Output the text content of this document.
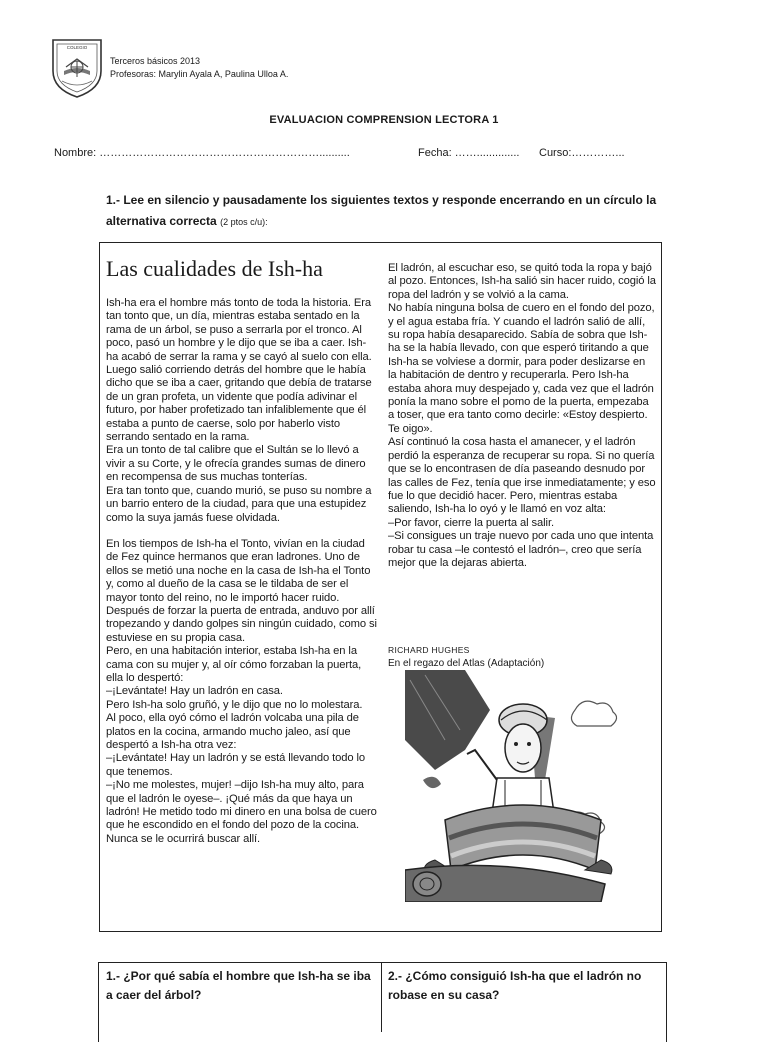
COLEGIO
Terceros básicos 2013
Profesoras: Marylin Ayala A, Paulina Ulloa A.
EVALUACION COMPRENSION LECTORA 1
Nombre: ……………………………………………………..........	Fecha: …….............. Curso:…………...
1.- Lee en silencio y pausadamente los siguientes textos y responde encerrando en un círculo la alternativa correcta (2 ptos c/u):
Las cualidades de Ish-ha

Ish-ha era el hombre más tonto de toda la historia. Era tan tonto que, un día, mientras estaba sentado en la rama de un árbol, se puso a serrarla por el tronco. Al poco, pasó un hombre y le dijo que se iba a caer. Ish-ha acabó de serrar la rama y se cayó al suelo con ella. Luego salió corriendo detrás del hombre que le había dicho que se iba a caer, gritando que debía de tratarse de un gran profeta, un vidente que podía adivinar el futuro, por haber profetizado tan infaliblemente que él estaba a punto de caerse, solo por haberlo visto serrando sentado en la rama.

Era un tonto de tal calibre que el Sultán se lo llevó a vivir a su Corte, y le ofrecía grandes sumas de dinero en recompensa de sus muchas tonterías.

Era tan tonto que, cuando murió, se puso su nombre a un barrio entero de la ciudad, para que una estupidez como la suya jamás fuese olvidada.

En los tiempos de Ish-ha el Tonto, vivían en la ciudad de Fez quince hermanos que eran ladrones. Uno de ellos se metió una noche en la casa de Ish-ha el Tonto y, como al dueño de la casa se le tildaba de ser el mayor tonto del reino, no le importó hacer ruido. Después de forzar la puerta de entrada, anduvo por allí tropezando y dando golpes sin ningún cuidado, como si estuviese en su propia casa.

Pero, en una habitación interior, estaba Ish-ha en la cama con su mujer y, al oír cómo forzaban la puerta, ella lo despertó:

–¡Levántate! Hay un ladrón en casa.

Pero Ish-ha solo gruñó, y le dijo que no lo molestara.

Al poco, ella oyó cómo el ladrón volcaba una pila de platos en la cocina, armando mucho jaleo, así que despertó a Ish-ha otra vez:

–¡Levántate! Hay un ladrón y se está llevando todo lo que tenemos.

–¡No me molestes, mujer! –dijo Ish-ha muy alto, para que el ladrón le oyese–. ¡Qué más da que haya un ladrón! He metido todo mi dinero en una bolsa de cuero que he escondido en el fondo del pozo de la cocina. Nunca se le ocurrirá buscar allí.

El ladrón, al escuchar eso, se quitó toda la ropa y bajó al pozo. Entonces, Ish-ha salió sin hacer ruido, cogió la ropa del ladrón y se volvió a la cama.

No había ninguna bolsa de cuero en el fondo del pozo, y el agua estaba fría. Y cuando el ladrón salió de allí, su ropa había desaparecido. Sabía de sobra que Ish-ha se la había llevado, con que esperó tiritando a que Ish-ha se volviese a dormir, para poder deslizarse en la habitación de dentro y recuperarla. Pero Ish-ha estaba ahora muy despejado y, cada vez que el ladrón ponía la mano sobre el pomo de la puerta, empezaba a toser, que era tanto como decirle: «Estoy despierto. Te oigo».

Así continuó la cosa hasta el amanecer, y el ladrón perdió la esperanza de recuperar su ropa. Si no quería que se lo encontrasen de día paseando desnudo por las calles de Fez, tenía que irse inmediatamente; y eso fue lo que decidió hacer. Pero, mientras estaba saliendo, Ish-ha lo oyó y le llamó en voz alta:

–Por favor, cierre la puerta al salir.

–Si consigues un traje nuevo por cada uno que intenta robar tu casa –le contestó el ladrón–, creo que sería mejor que la dejaras abierta.

RICHARD HUGHES
En el regazo del Atlas (Adaptación)
1.- ¿Por qué sabía el hombre que Ish-ha se iba a caer del árbol?
2.- ¿Cómo consiguió Ish-ha que el ladrón no robase en su casa?
